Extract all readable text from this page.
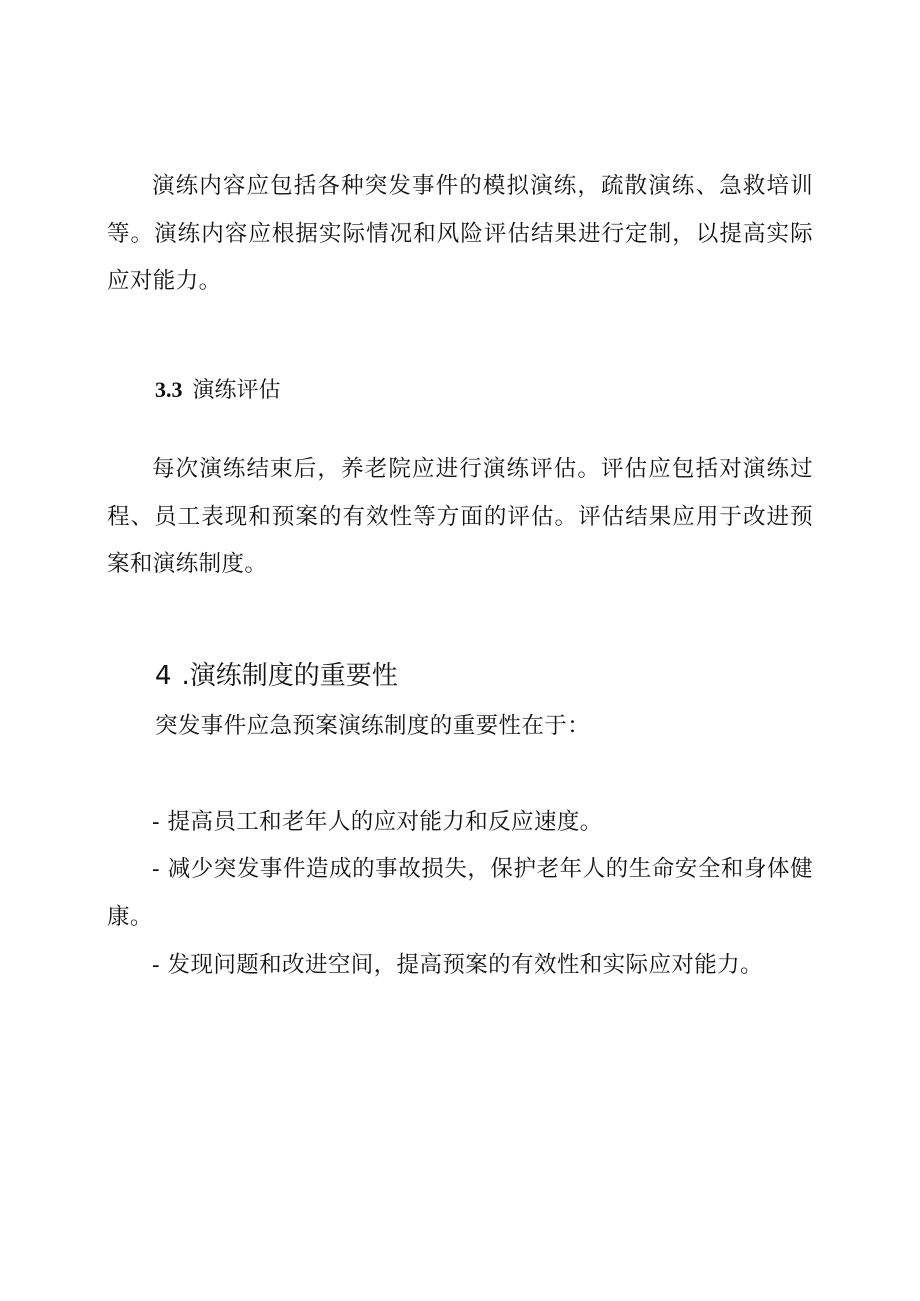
演练内容应包括各种突发事件的模拟演练，疏散演练、急救培训等。演练内容应根据实际情况和风险评估结果进行定制，以提高实际应对能力。

3.3 演练评估

每次演练结束后，养老院应进行演练评估。评估应包括对演练过程、员工表现和预案的有效性等方面的评估。评估结果应用于改进预案和演练制度。

4 .演练制度的重要性

突发事件应急预案演练制度的重要性在于：

- 提高员工和老年人的应对能力和反应速度。

- 减少突发事件造成的事故损失，保护老年人的生命安全和身体健康。

- 发现问题和改进空间，提高预案的有效性和实际应对能力。
